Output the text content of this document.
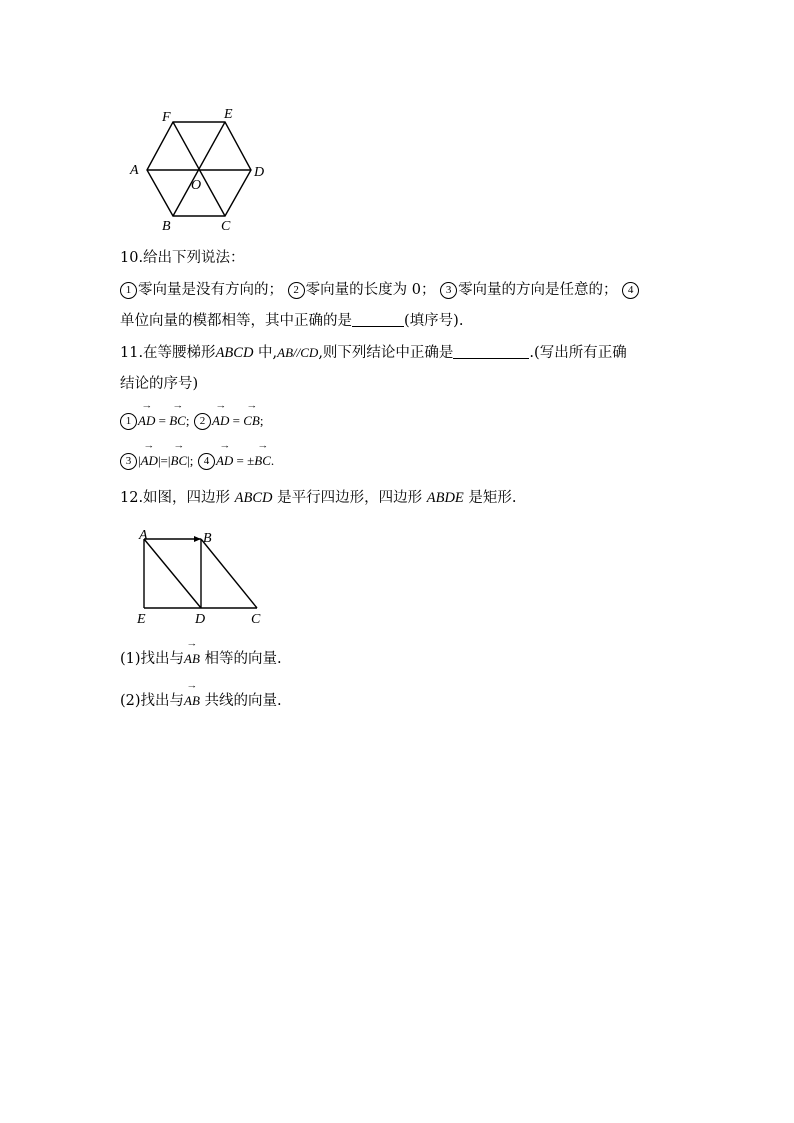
F	E
A	D
O
B	C
10.给出下列说法：
1 零向量是没有方向的； 2 零向量的长度为 0； 3 零向量的方向是任意的； 4
单位向量的模都相等，其中正确的是	(填序号).
11.在等腰梯形ABCD 中,AB//CD,则下列结论中正确是	.(写出所有正确
结论的序号)
1 → AD = → BC; 2 → AD = → CB;
3 |→ AD|=|→ BC|; 4 → AD = ±→ BC.
12.如图，四边形 ABCD 是平行四边形，四边形 ABDE 是矩形.
A	B
E	D	C
(1)找出与→ AB 相等的向量.
(2)找出与→ AB 共线的向量.
